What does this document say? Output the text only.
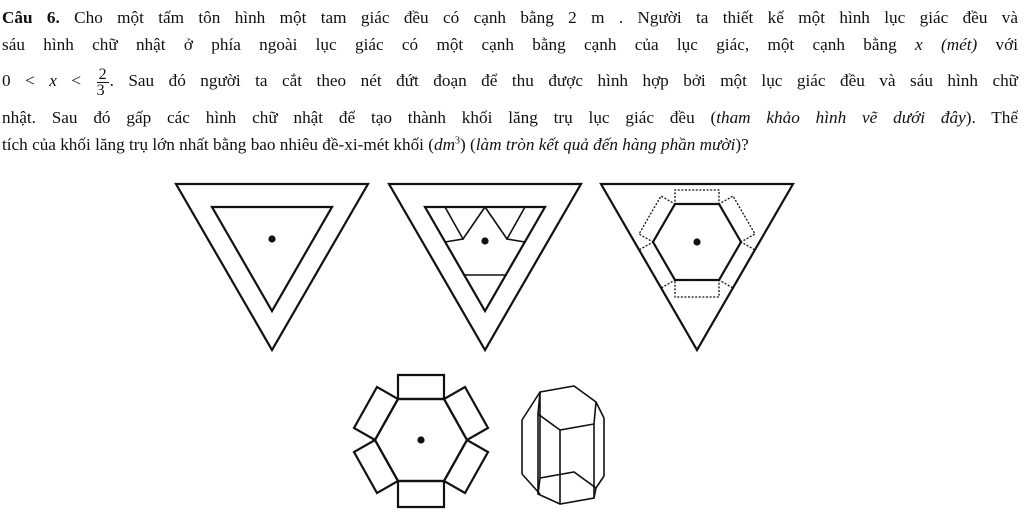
Câu 6. Cho một tấm tôn hình một tam giác đều có cạnh bằng 2 m . Người ta thiết kế một hình lục giác đều và
sáu hình chữ nhật ở phía ngoài lục giác có một cạnh bằng cạnh của lục giác, một cạnh bằng x (mét) với
$0 < x < \frac{2}{3}$ . Sau đó người ta cắt theo nét đứt đoạn để thu được hình hợp bởi một lục giác đều và sáu hình chữ
nhật. Sau đó gấp các hình chữ nhật để tạo thành khối lăng trụ lục giác đều (tham khảo hình vẽ dưới đây). Thể
tích của khối lăng trụ lớn nhất bằng bao nhiêu đề-xi-mét khối $(dm^3)$ (làm tròn kết quả đến hàng phần mười)?
